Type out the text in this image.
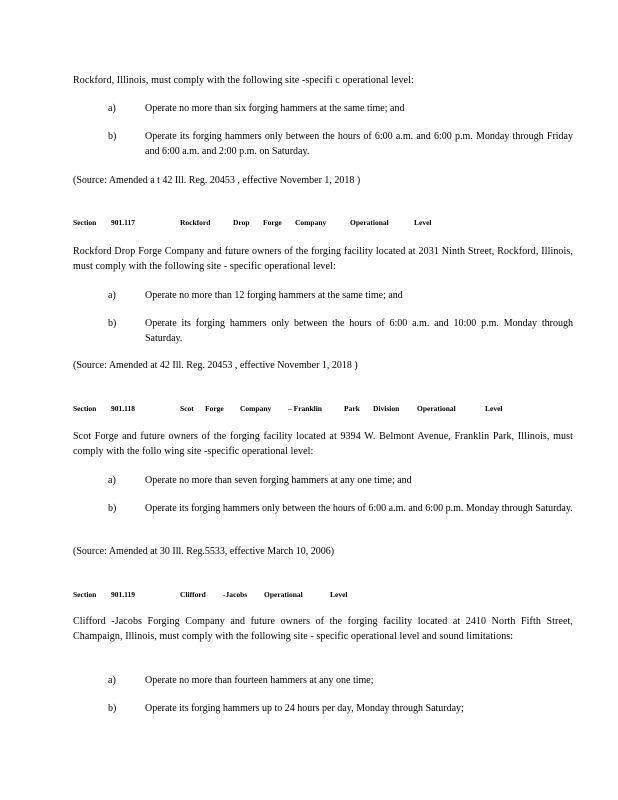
Rockford, Illinois, must comply with the following site -specifi c operational level:
a)	Operate no more than six forging hammers at the same time; and
b)	Operate its forging hammers only between the hours of 6:00 a.m. and 6:00 p.m. Monday through Friday and 6:00 a.m. and 2:00 p.m. on Saturday.
(Source: Amended a t 42 Ill. Reg. 20453 , effective November 1, 2018 )
Section 901.117	Rockford	Drop Forge Company	Operational	Level
Rockford Drop Forge Company and future owners of the forging facility located at 2031 Ninth Street, Rockford, Illinois, must comply with the following site - specific operational level:
a)	Operate no more than 12 forging hammers at the same time; and
b)	Operate its forging hammers only between the hours of 6:00 a.m. and 10:00 p.m. Monday through Saturday.
(Source: Amended at 42 Ill. Reg. 20453 , effective November 1, 2018 )
Section 901.118	Scot Forge Company – Franklin	Park Division Operational	Level
Scot Forge and future owners of the forging facility located at 9394 W. Belmont Avenue, Franklin Park, Illinois, must comply with the follo wing site -specific operational level:
a)	Operate no more than seven forging hammers at any one time; and
b)	Operate its forging hammers only between the hours of 6:00 a.m. and 6:00 p.m. Monday through Saturday.
(Source: Amended at 30 Ill. Reg.5533, effective March 10, 2006)
Section 901.119	Clifford -Jacobs Operational	Level
Clifford -Jacobs Forging Company and future owners of the forging facility located at 2410 North Fifth Street, Champaign, Illinois, must comply with the following site - specific operational level and sound limitations:
a)	Operate no more than fourteen hammers at any one time;
b)	Operate its forging hammers up to 24 hours per day, Monday through Saturday;
